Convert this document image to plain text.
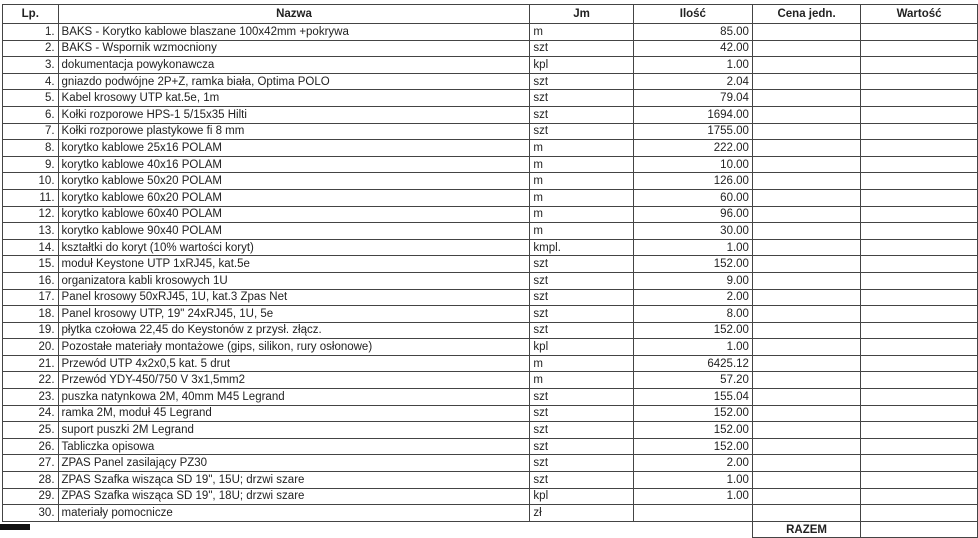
Lp.	Nazwa	Jm	Ilość	Cena jedn.	Wartość
1.	BAKS - Korytko kablowe blaszane 100x42mm +pokrywa	m	85.00		
2.	BAKS - Wspornik wzmocniony	szt	42.00		
3.	dokumentacja powykonawcza	kpl	1.00		
4.	gniazdo podwójne 2P+Z, ramka biała, Optima POLO	szt	2.04		
5.	Kabel krosowy UTP kat.5e, 1m	szt	79.04		
6.	Kołki rozporowe HPS-1 5/15x35 Hilti	szt	1694.00		
7.	Kołki rozporowe plastykowe fi 8 mm	szt	1755.00		
8.	korytko kablowe 25x16 POLAM	m	222.00		
9.	korytko kablowe 40x16 POLAM	m	10.00		
10.	korytko kablowe 50x20 POLAM	m	126.00		
11.	korytko kablowe 60x20 POLAM	m	60.00		
12.	korytko kablowe 60x40 POLAM	m	96.00		
13.	korytko kablowe 90x40 POLAM	m	30.00		
14.	kształtki do koryt (10% wartości koryt)	kmpl.	1.00		
15.	moduł Keystone UTP 1xRJ45, kat.5e	szt	152.00		
16.	organizatora kabli krosowych 1U	szt	9.00		
17.	Panel krosowy 50xRJ45, 1U, kat.3 Zpas Net	szt	2.00		
18.	Panel krosowy UTP, 19" 24xRJ45, 1U, 5e	szt	8.00		
19.	płytka czołowa 22,45 do Keystonów z przysł. złącz.	szt	152.00		
20.	Pozostałe materiały montażowe (gips, silikon, rury osłonowe)	kpl	1.00		
21.	Przewód UTP 4x2x0,5 kat. 5 drut	m	6425.12		
22.	Przewód YDY-450/750 V 3x1,5mm2	m	57.20		
23.	puszka natynkowa 2M, 40mm M45 Legrand	szt	155.04		
24.	ramka 2M, moduł 45 Legrand	szt	152.00		
25.	suport puszki 2M Legrand	szt	152.00		
26.	Tabliczka opisowa	szt	152.00		
27.	ZPAS Panel zasilający PZ30	szt	2.00		
28.	ZPAS Szafka wisząca SD 19", 15U; drzwi szare	szt	1.00		
29.	ZPAS Szafka wisząca SD 19", 18U; drzwi szare	kpl	1.00		
30.	materiały pomocnicze	zł			
				RAZEM	
